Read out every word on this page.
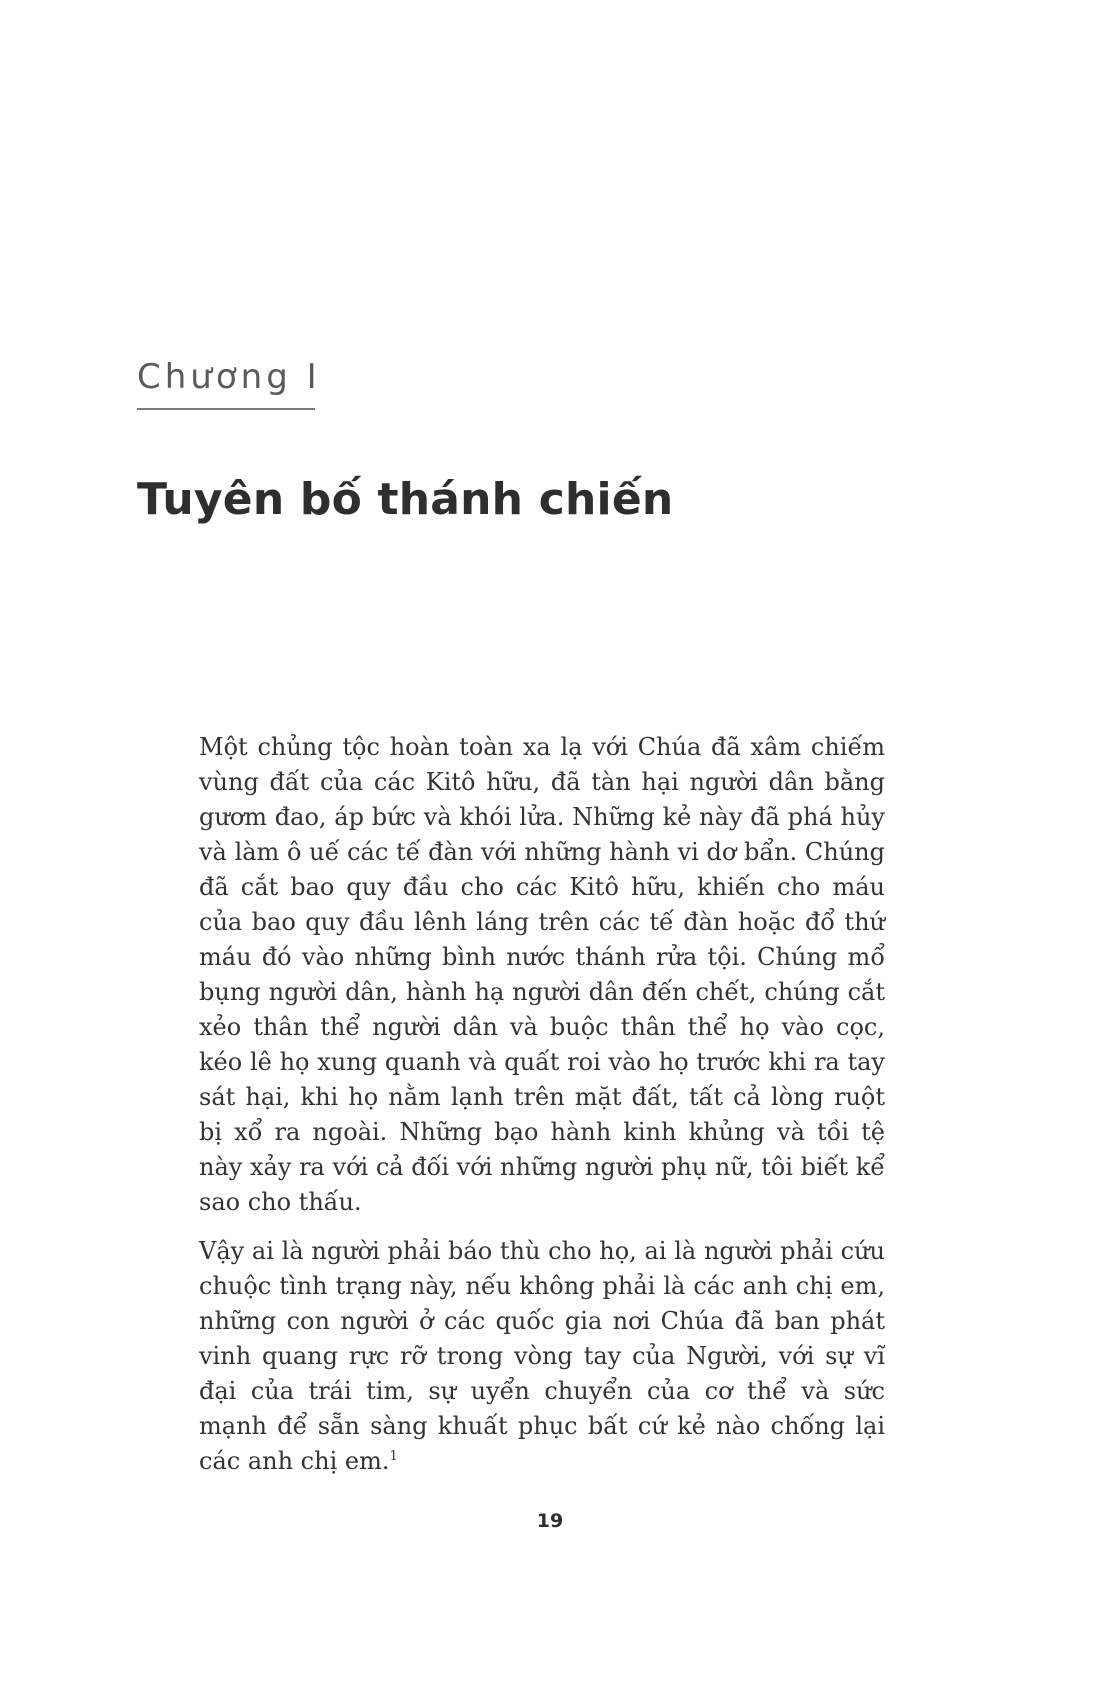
Chương I
Tuyên bố thánh chiến

Một chủng tộc hoàn toàn xa lạ với Chúa đã xâm chiếm vùng đất của các Kitô hữu, đã tàn hại người dân bằng gươm đao, áp bức và khói lửa. Những kẻ này đã phá hủy và làm ô uế các tế đàn với những hành vi dơ bẩn. Chúng đã cắt bao quy đầu cho các Kitô hữu, khiến cho máu của bao quy đầu lênh láng trên các tế đàn hoặc đổ thứ máu đó vào những bình nước thánh rửa tội. Chúng mổ bụng người dân, hành hạ người dân đến chết, chúng cắt xẻo thân thể người dân và buộc thân thể họ vào cọc, kéo lê họ xung quanh và quất roi vào họ trước khi ra tay sát hại, khi họ nằm lạnh trên mặt đất, tất cả lòng ruột bị xổ ra ngoài. Những bạo hành kinh khủng và tồi tệ này xảy ra với cả đối với những người phụ nữ, tôi biết kể sao cho thấu.

Vậy ai là người phải báo thù cho họ, ai là người phải cứu chuộc tình trạng này, nếu không phải là các anh chị em, những con người ở các quốc gia nơi Chúa đã ban phát vinh quang rực rỡ trong vòng tay của Người, với sự vĩ đại của trái tim, sự uyển chuyển của cơ thể và sức mạnh để sẵn sàng khuất phục bất cứ kẻ nào chống lại các anh chị em.$^1$

19
